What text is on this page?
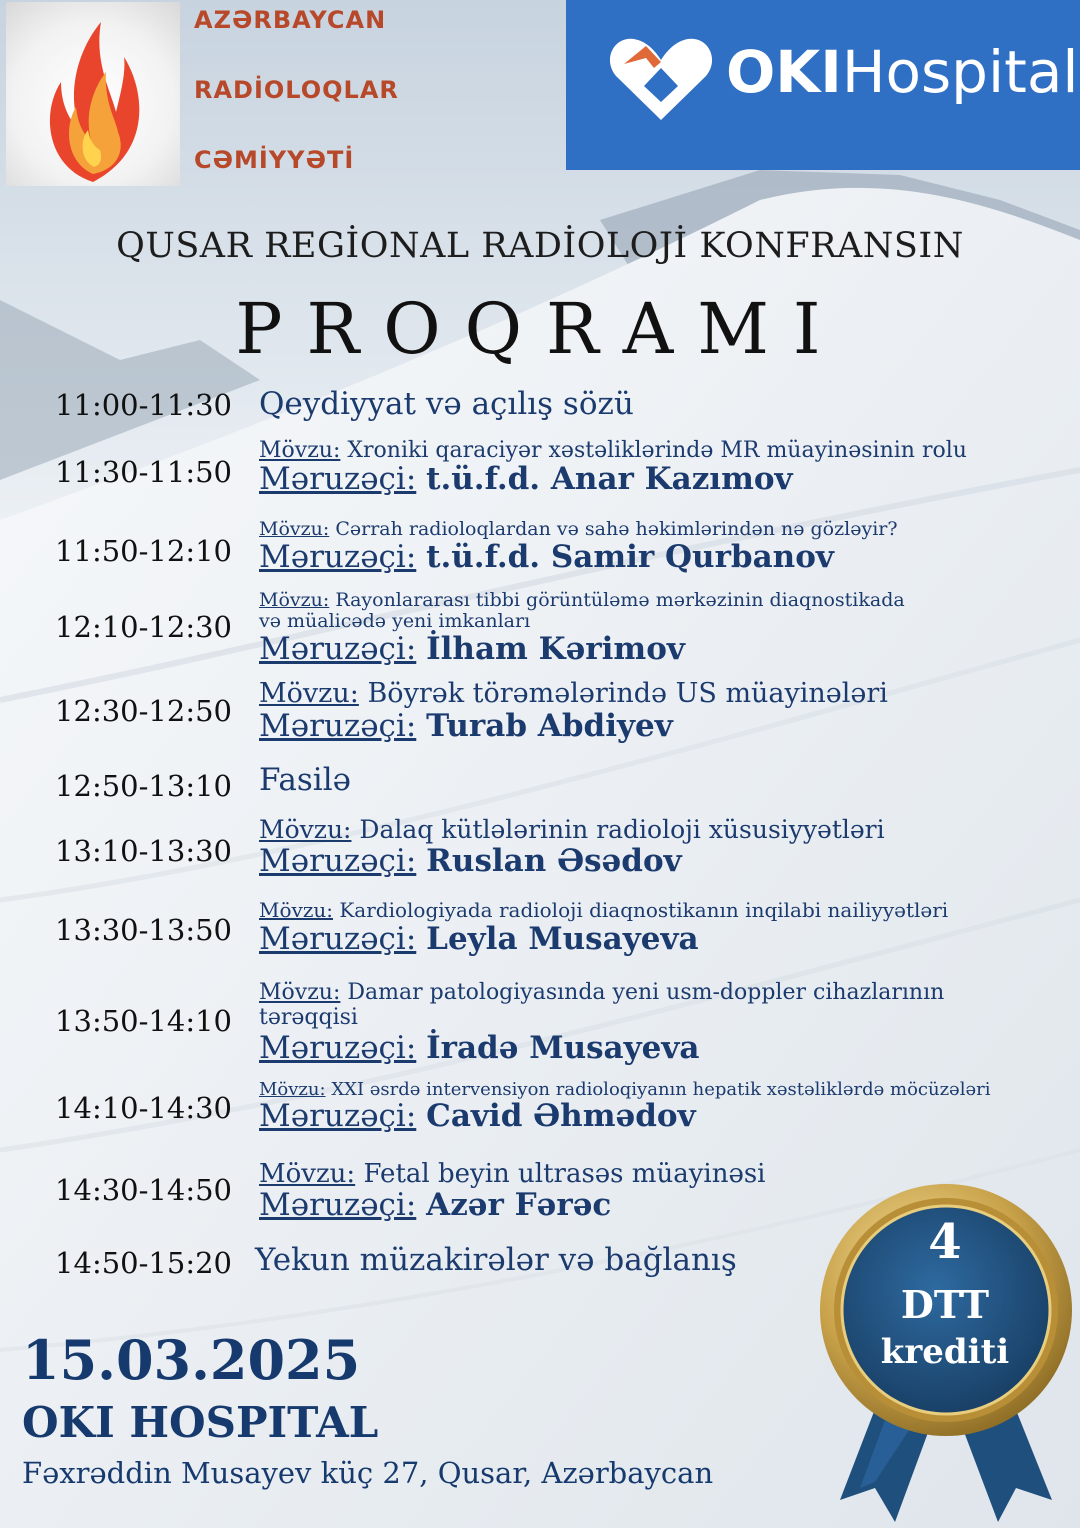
AZƏRBAYCAN
RADİOLOQLAR
CƏMİYYƏTİ
OKIHospital
QUSAR REGİONAL RADİOLOJİ KONFRANSIN
PROQRAMI
11:00-11:30 Qeydiyyat və açılış sözü
11:30-11:50
Mövzu: Xroniki qaraciyər xəstəliklərində MR müayinəsinin rolu
Məruzəçi: t.ü.f.d. Anar Kazımov
11:50-12:10
Mövzu: Cərrah radioloqlardan və sahə həkimlərindən nə gözləyir?
Məruzəçi: t.ü.f.d. Samir Qurbanov
12:10-12:30
Mövzu: Rayonlararası tibbi görüntüləmə mərkəzinin diaqnostikada
və müalicədə yeni imkanları
Məruzəçi: İlham Kərimov
12:30-12:50
Mövzu: Böyrək törəmələrində US müayinələri
Məruzəçi: Turab Abdiyev
12:50-13:10 Fasilə
13:10-13:30
Mövzu: Dalaq kütlələrinin radioloji xüsusiyyətləri
Məruzəçi: Ruslan Əsədov
13:30-13:50
Mövzu: Kardiologiyada radioloji diaqnostikanın inqilabi nailiyyətləri
Məruzəçi: Leyla Musayeva
13:50-14:10
Mövzu: Damar patologiyasında yeni usm-doppler cihazlarının
tərəqqisi
Məruzəçi: İradə Musayeva
14:10-14:30
Mövzu: XXI əsrdə intervensiyon radioloqiyanın hepatik xəstəliklərdə möcüzələri
Məruzəçi: Cavid Əhmədov
14:30-14:50 Mövzu: Fetal beyin ultrasəs müayinəsi
Məruzəçi: Azər Fərəc
14:50-15:20 Yekun müzakirələr və bağlanış
15.03.2025
OKI HOSPITAL
Fəxrəddin Musayev küç 27, Qusar, Azərbaycan
4
DTT
krediti
